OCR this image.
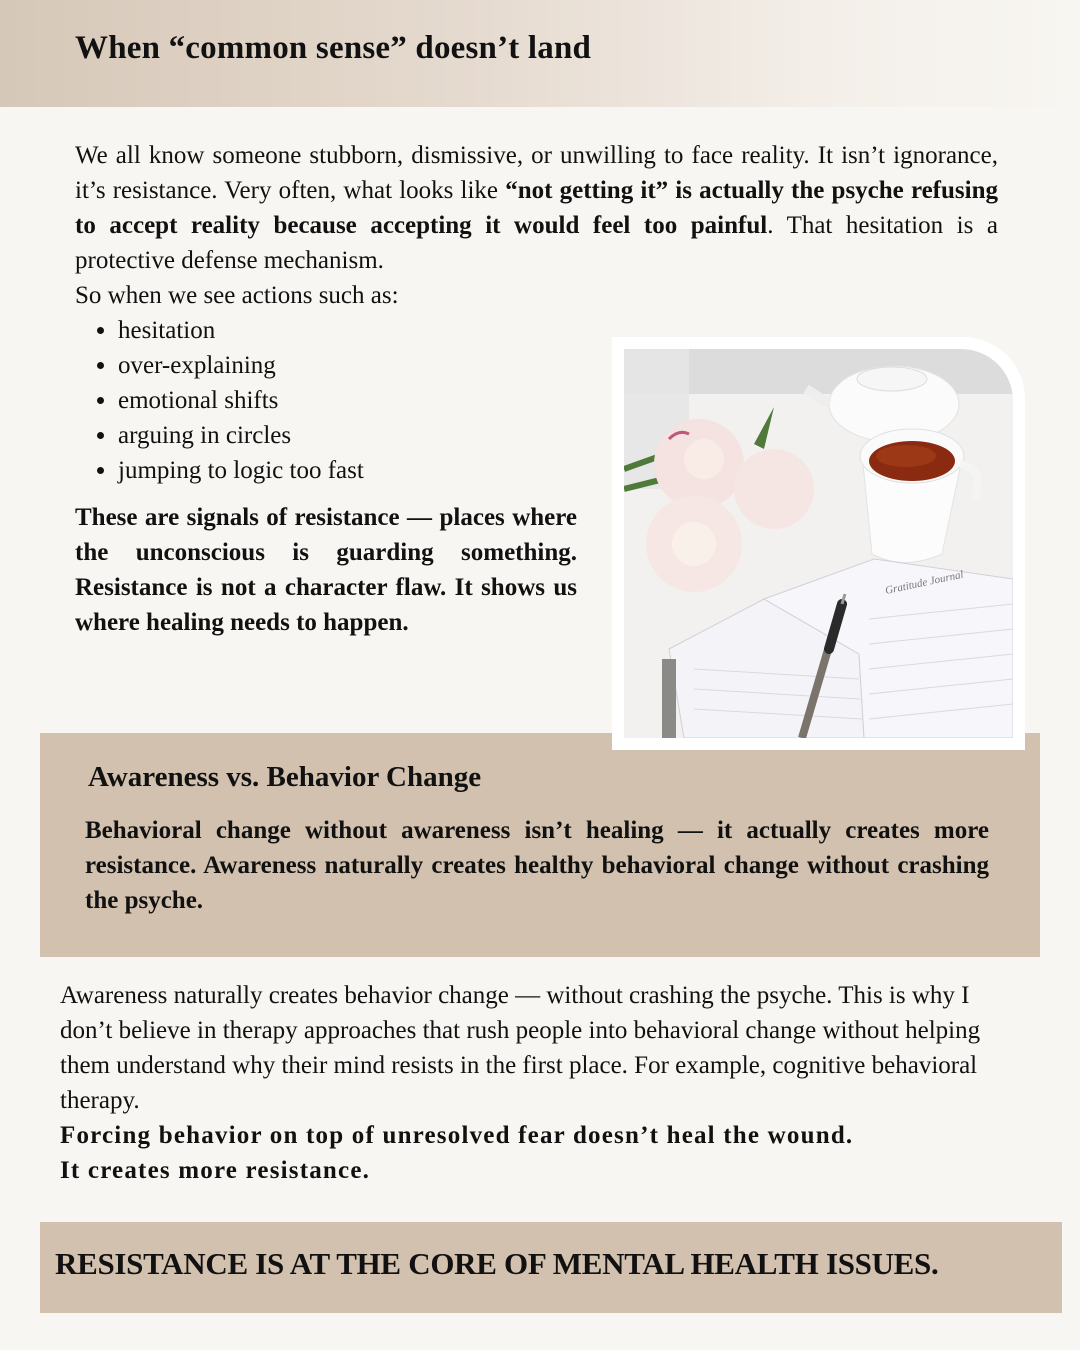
When “common sense” doesn’t land
We all know someone stubborn, dismissive, or unwilling to face reality. It isn’t ignorance, it’s resistance. Very often, what looks like “not getting it” is actually the psyche refusing to accept reality because accepting it would feel too painful. That hesitation is a protective defense mechanism.
So when we see actions such as:
• hesitation
• over-explaining
• emotional shifts
• arguing in circles
• jumping to logic too fast
These are signals of resistance — places where the unconscious is guarding something. Resistance is not a character flaw. It shows us where healing needs to happen.
Gratitude Journal
Awareness vs. Behavior Change

Behavioral change without awareness isn’t healing — it actually creates more resistance. Awareness naturally creates healthy behavioral change without crashing the psyche.

Awareness naturally creates behavior change — without crashing the psyche. This is why I don’t believe in therapy approaches that rush people into behavioral change without helping them understand why their mind resists in the first place. For example, cognitive behavioral therapy.
Forcing behavior on top of unresolved fear doesn’t heal the wound.
It creates more resistance.
RESISTANCE IS AT THE CORE OF MENTAL HEALTH ISSUES.
